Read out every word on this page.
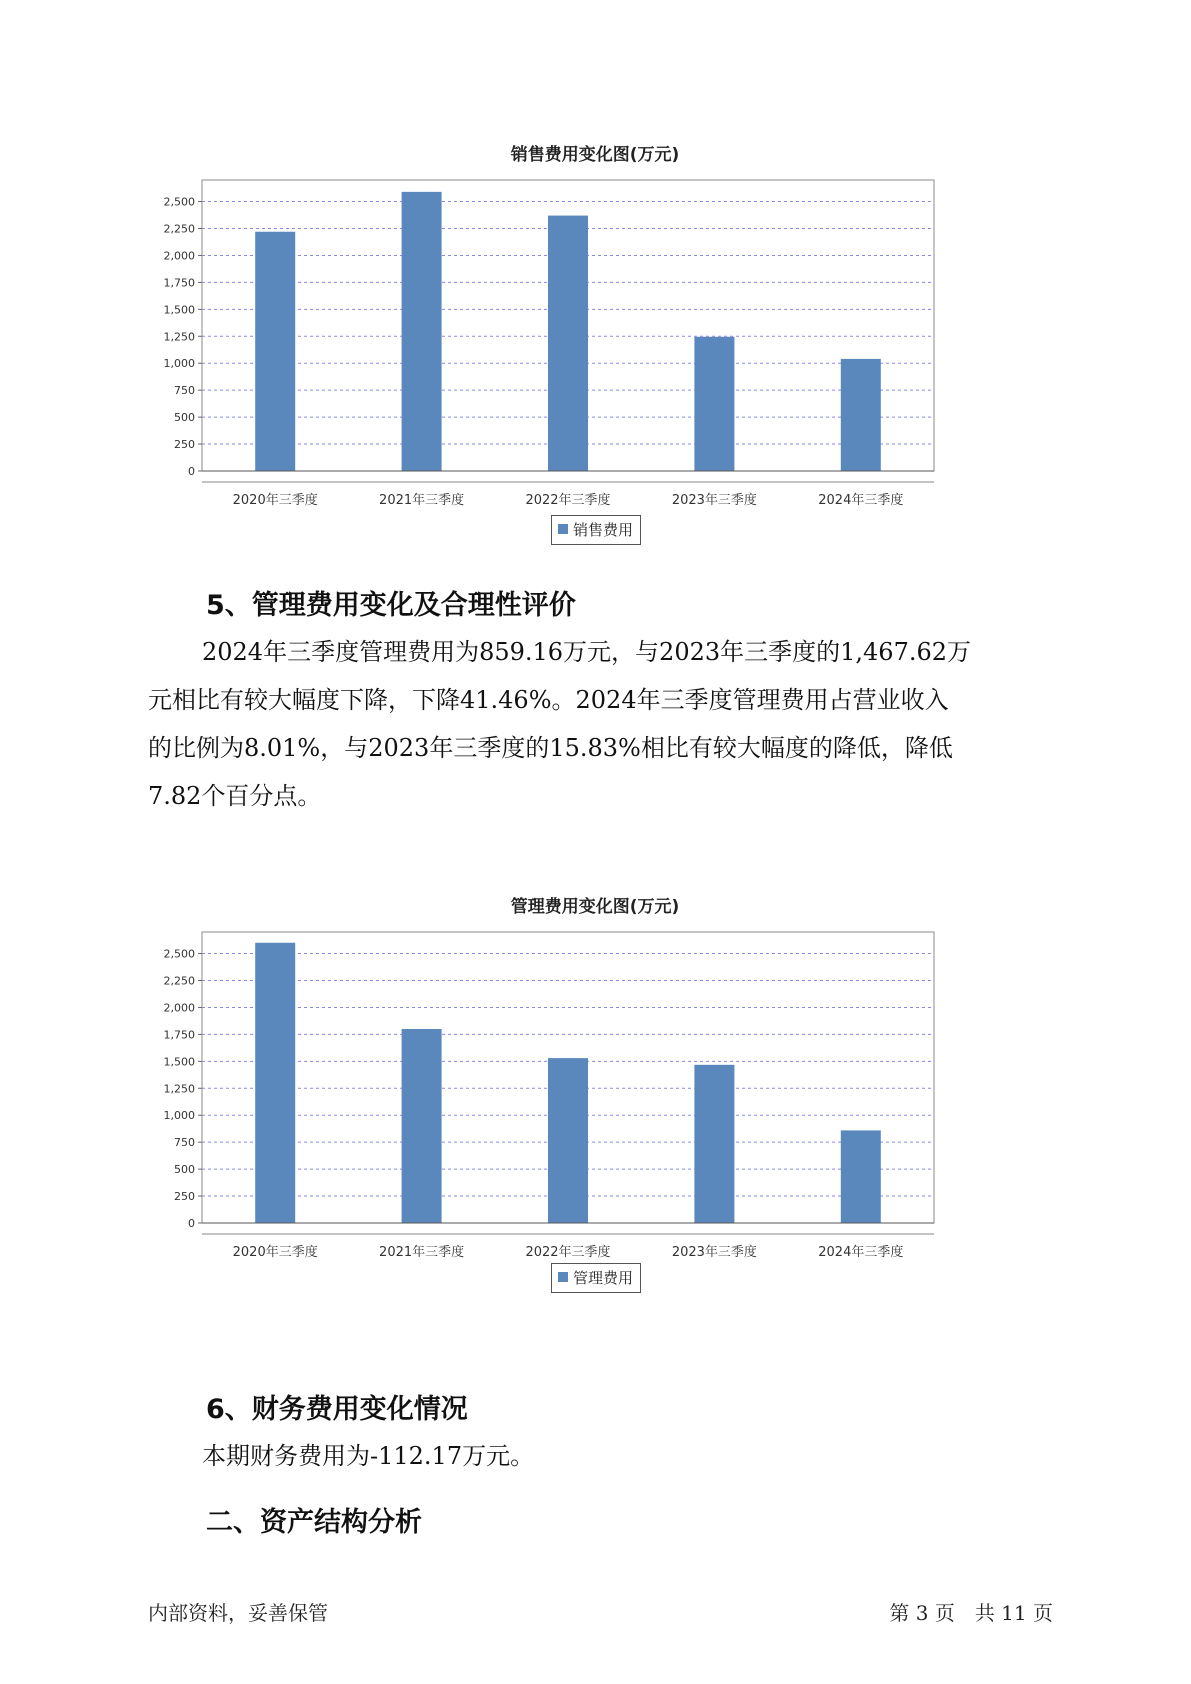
销售费用变化图(万元)
0
250
500
750
1,000
1,250
1,500
1,750
2,000
2,250
2,500
2020年三季度	2021年三季度	2022年三季度	2023年三季度	2024年三季度
销售费用
5、管理费用变化及合理性评价
2024年三季度管理费用为859.16万元，与2023年三季度的1,467.62万
元相比有较大幅度下降，下降41.46%。2024年三季度管理费用占营业收入
的比例为8.01%，与2023年三季度的15.83%相比有较大幅度的降低，降低
7.82个百分点。
管理费用变化图(万元)
0
250
500
750
1,000
1,250
1,500
1,750
2,000
2,250
2,500
2020年三季度	2021年三季度	2022年三季度	2023年三季度	2024年三季度
管理费用
6、财务费用变化情况
本期财务费用为-112.17万元。
二、资产结构分析
内部资料，妥善保管	第 3 页　共 11 页
